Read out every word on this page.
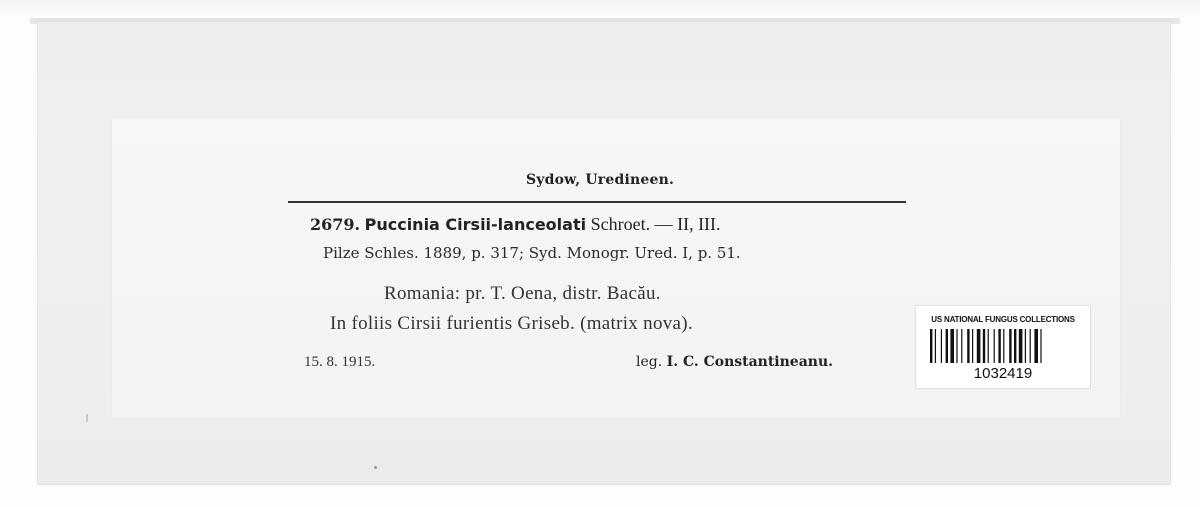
Sydow, Uredineen.
2679. Puccinia Cirsii-lanceolati Schroet. — II, III.
Pilze Schles. 1889, p. 317; Syd. Monogr. Ured. I, p. 51.
Romania: pr. T. Oena, distr. Bacău.
In foliis Cirsii furientis Griseb. (matrix nova).
15. 8. 1915.	leg. I. C. Constantineanu.
US NATIONAL FUNGUS COLLECTIONS
1032419
